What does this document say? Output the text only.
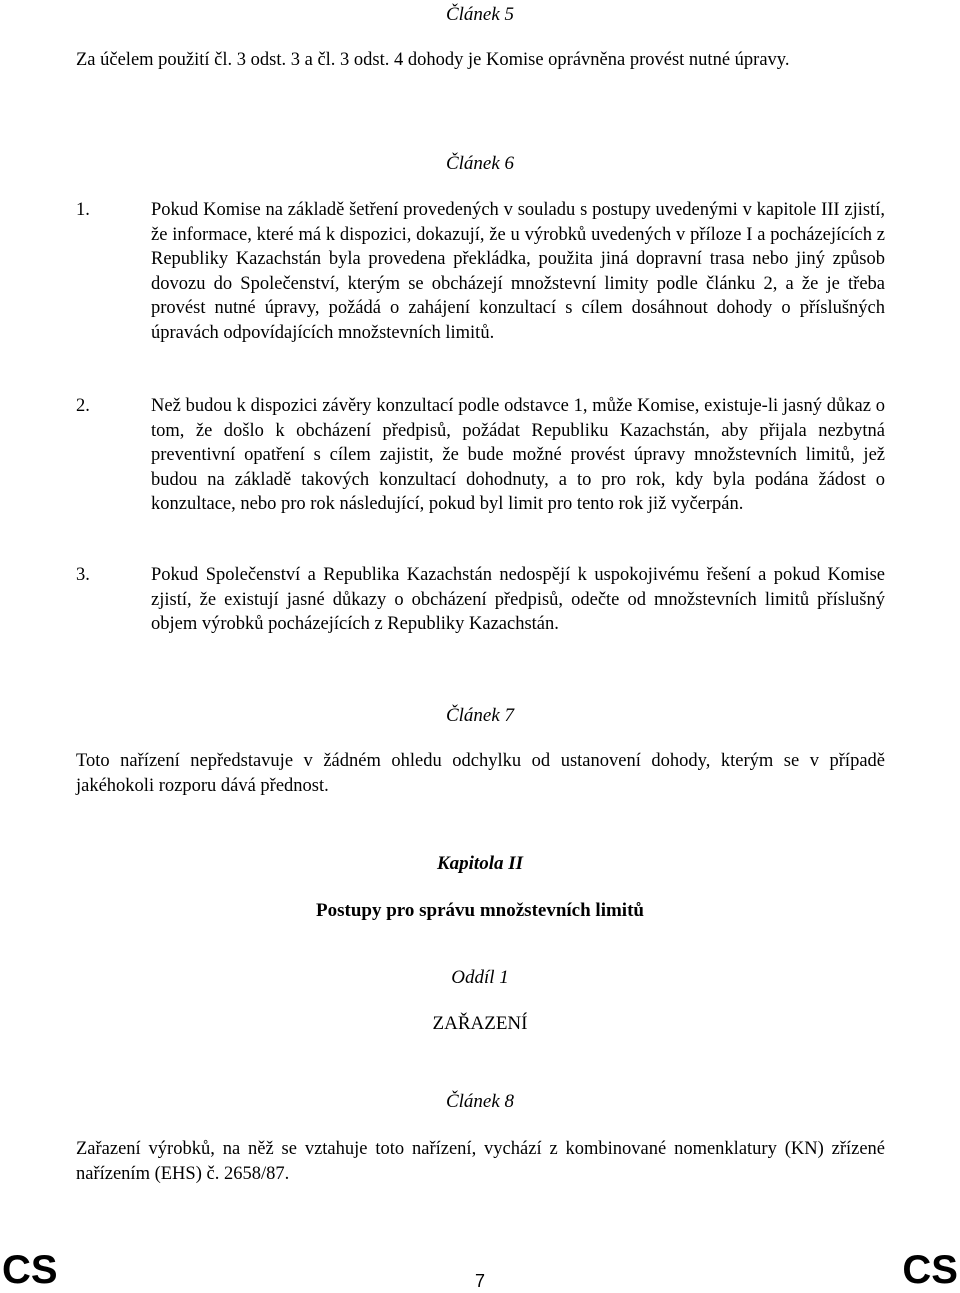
Článek 5
Za účelem použití čl. 3 odst. 3 a čl. 3 odst. 4 dohody je Komise oprávněna provést nutné úpravy.
Článek 6
1.	Pokud Komise na základě šetření provedených v souladu s postupy uvedenými v kapitole III zjistí, že informace, které má k dispozici, dokazují, že u výrobků uvedených v příloze I a pocházejících z Republiky Kazachstán byla provedena překládka, použita jiná dopravní trasa nebo jiný způsob dovozu do Společenství, kterým se obcházejí množstevní limity podle článku 2, a že je třeba provést nutné úpravy, požádá o zahájení konzultací s cílem dosáhnout dohody o příslušných úpravách odpovídajících množstevních limitů.
2.	Než budou k dispozici závěry konzultací podle odstavce 1, může Komise, existuje-li jasný důkaz o tom, že došlo k obcházení předpisů, požádat Republiku Kazachstán, aby přijala nezbytná preventivní opatření s cílem zajistit, že bude možné provést úpravy množstevních limitů, jež budou na základě takových konzultací dohodnuty, a to pro rok, kdy byla podána žádost o konzultace, nebo pro rok následující, pokud byl limit pro tento rok již vyčerpán.
3.	Pokud Společenství a Republika Kazachstán nedospějí k uspokojivému řešení a pokud Komise zjistí, že existují jasné důkazy o obcházení předpisů, odečte od množstevních limitů příslušný objem výrobků pocházejících z Republiky Kazachstán.
Článek 7
Toto nařízení nepředstavuje v žádném ohledu odchylku od ustanovení dohody, kterým se v případě jakéhokoli rozporu dává přednost.
Kapitola II
Postupy pro správu množstevních limitů
Oddíl 1
ZAŘAZENÍ
Článek 8
Zařazení výrobků, na něž se vztahuje toto nařízení, vychází z kombinované nomenklatury (KN) zřízené nařízením (EHS) č. 2658/87.
CS	7	CS
